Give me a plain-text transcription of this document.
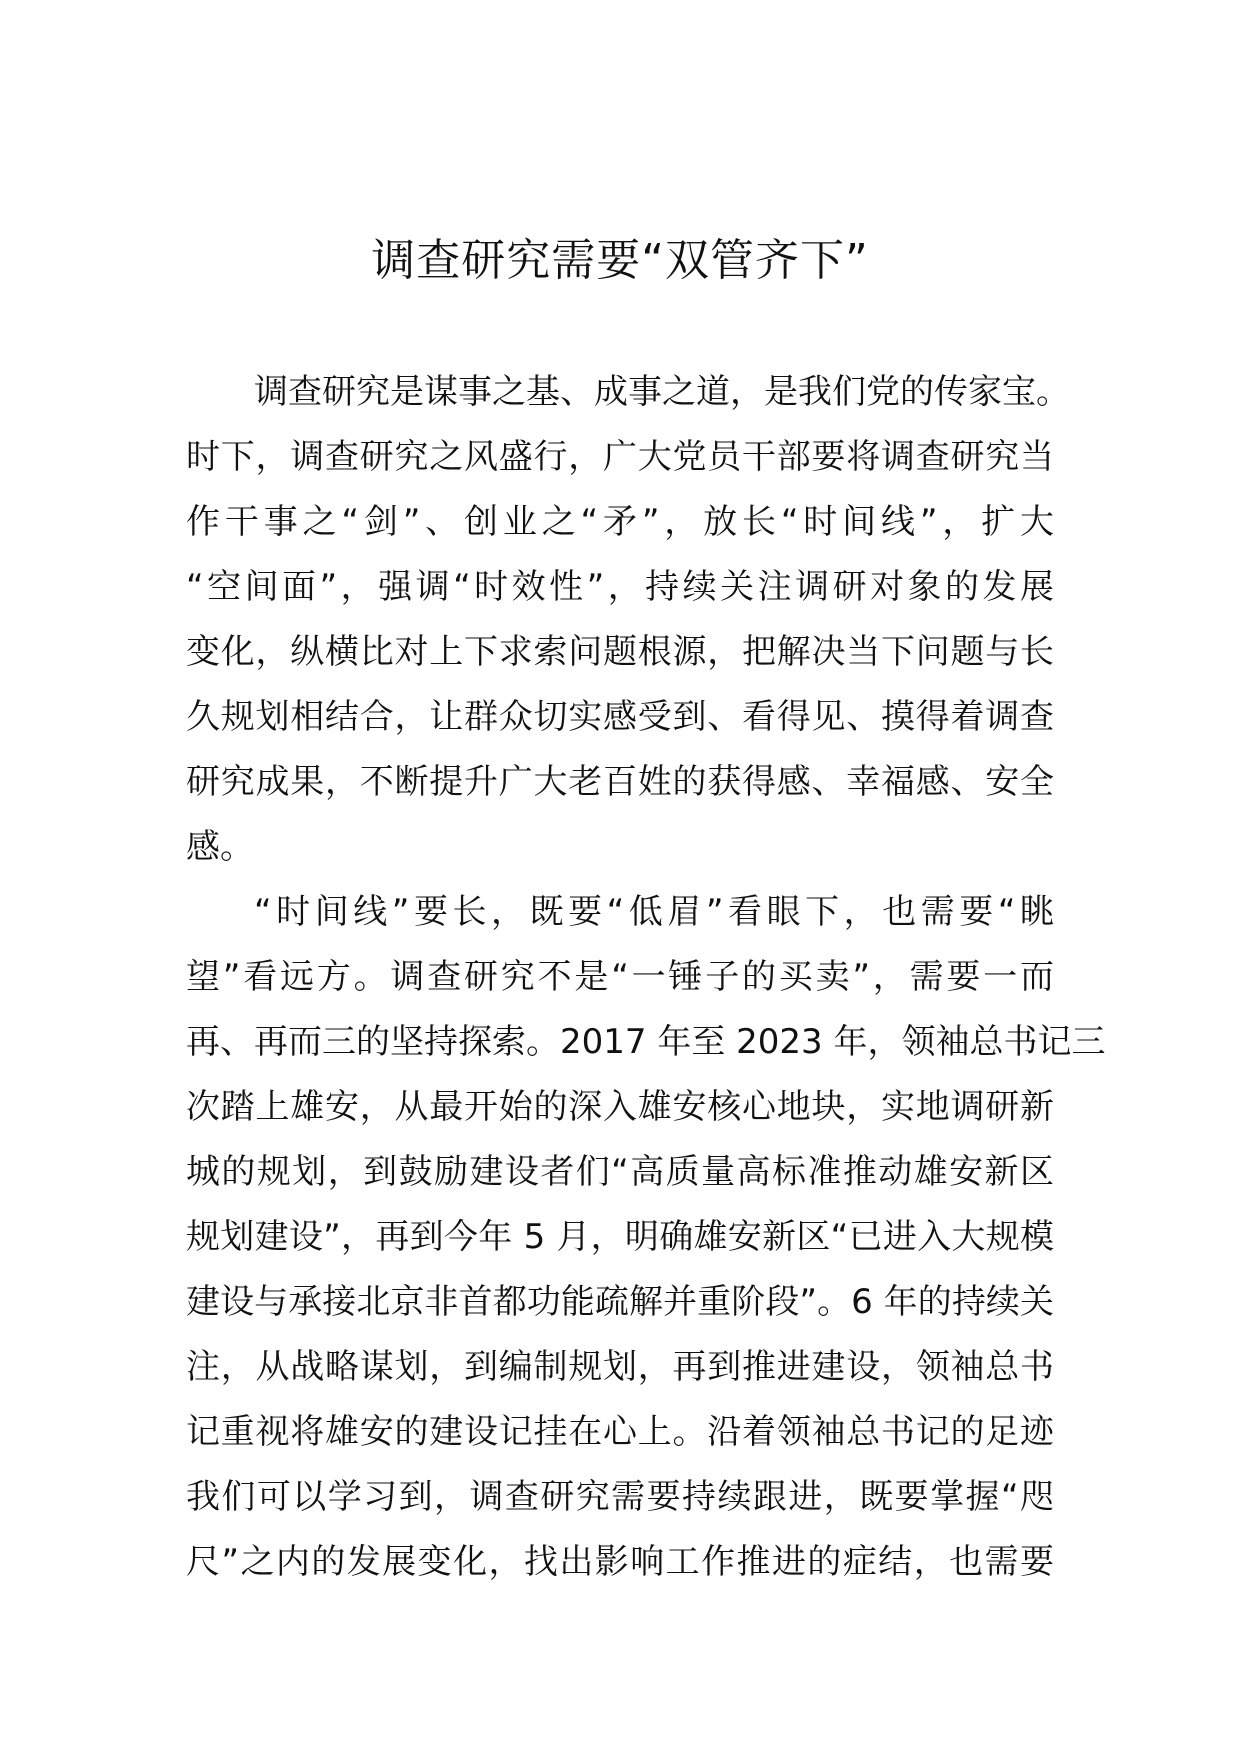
调查研究需要“双管齐下”
调查研究是谋事之基、成事之道，是我们党的传家宝。
时下，调查研究之风盛行，广大党员干部要将调查研究当
作干事之“剑”、创业之“矛”，放长“时间线”，扩大
“空间面”，强调“时效性”，持续关注调研对象的发展
变化，纵横比对上下求索问题根源，把解决当下问题与长
久规划相结合，让群众切实感受到、看得见、摸得着调查
研究成果，不断提升广大老百姓的获得感、幸福感、安全
感。
“时间线”要长，既要“低眉”看眼下，也需要“眺
望”看远方。调查研究不是“一锤子的买卖”，需要一而
再、再而三的坚持探索。2017 年至 2023 年，领袖总书记三
次踏上雄安，从最开始的深入雄安核心地块，实地调研新
城的规划，到鼓励建设者们“高质量高标准推动雄安新区
规划建设”，再到今年 5 月，明确雄安新区“已进入大规模
建设与承接北京非首都功能疏解并重阶段”。6 年的持续关
注，从战略谋划，到编制规划，再到推进建设，领袖总书
记重视将雄安的建设记挂在心上。沿着领袖总书记的足迹
我们可以学习到，调查研究需要持续跟进，既要掌握“咫
尺”之内的发展变化，找出影响工作推进的症结，也需要
